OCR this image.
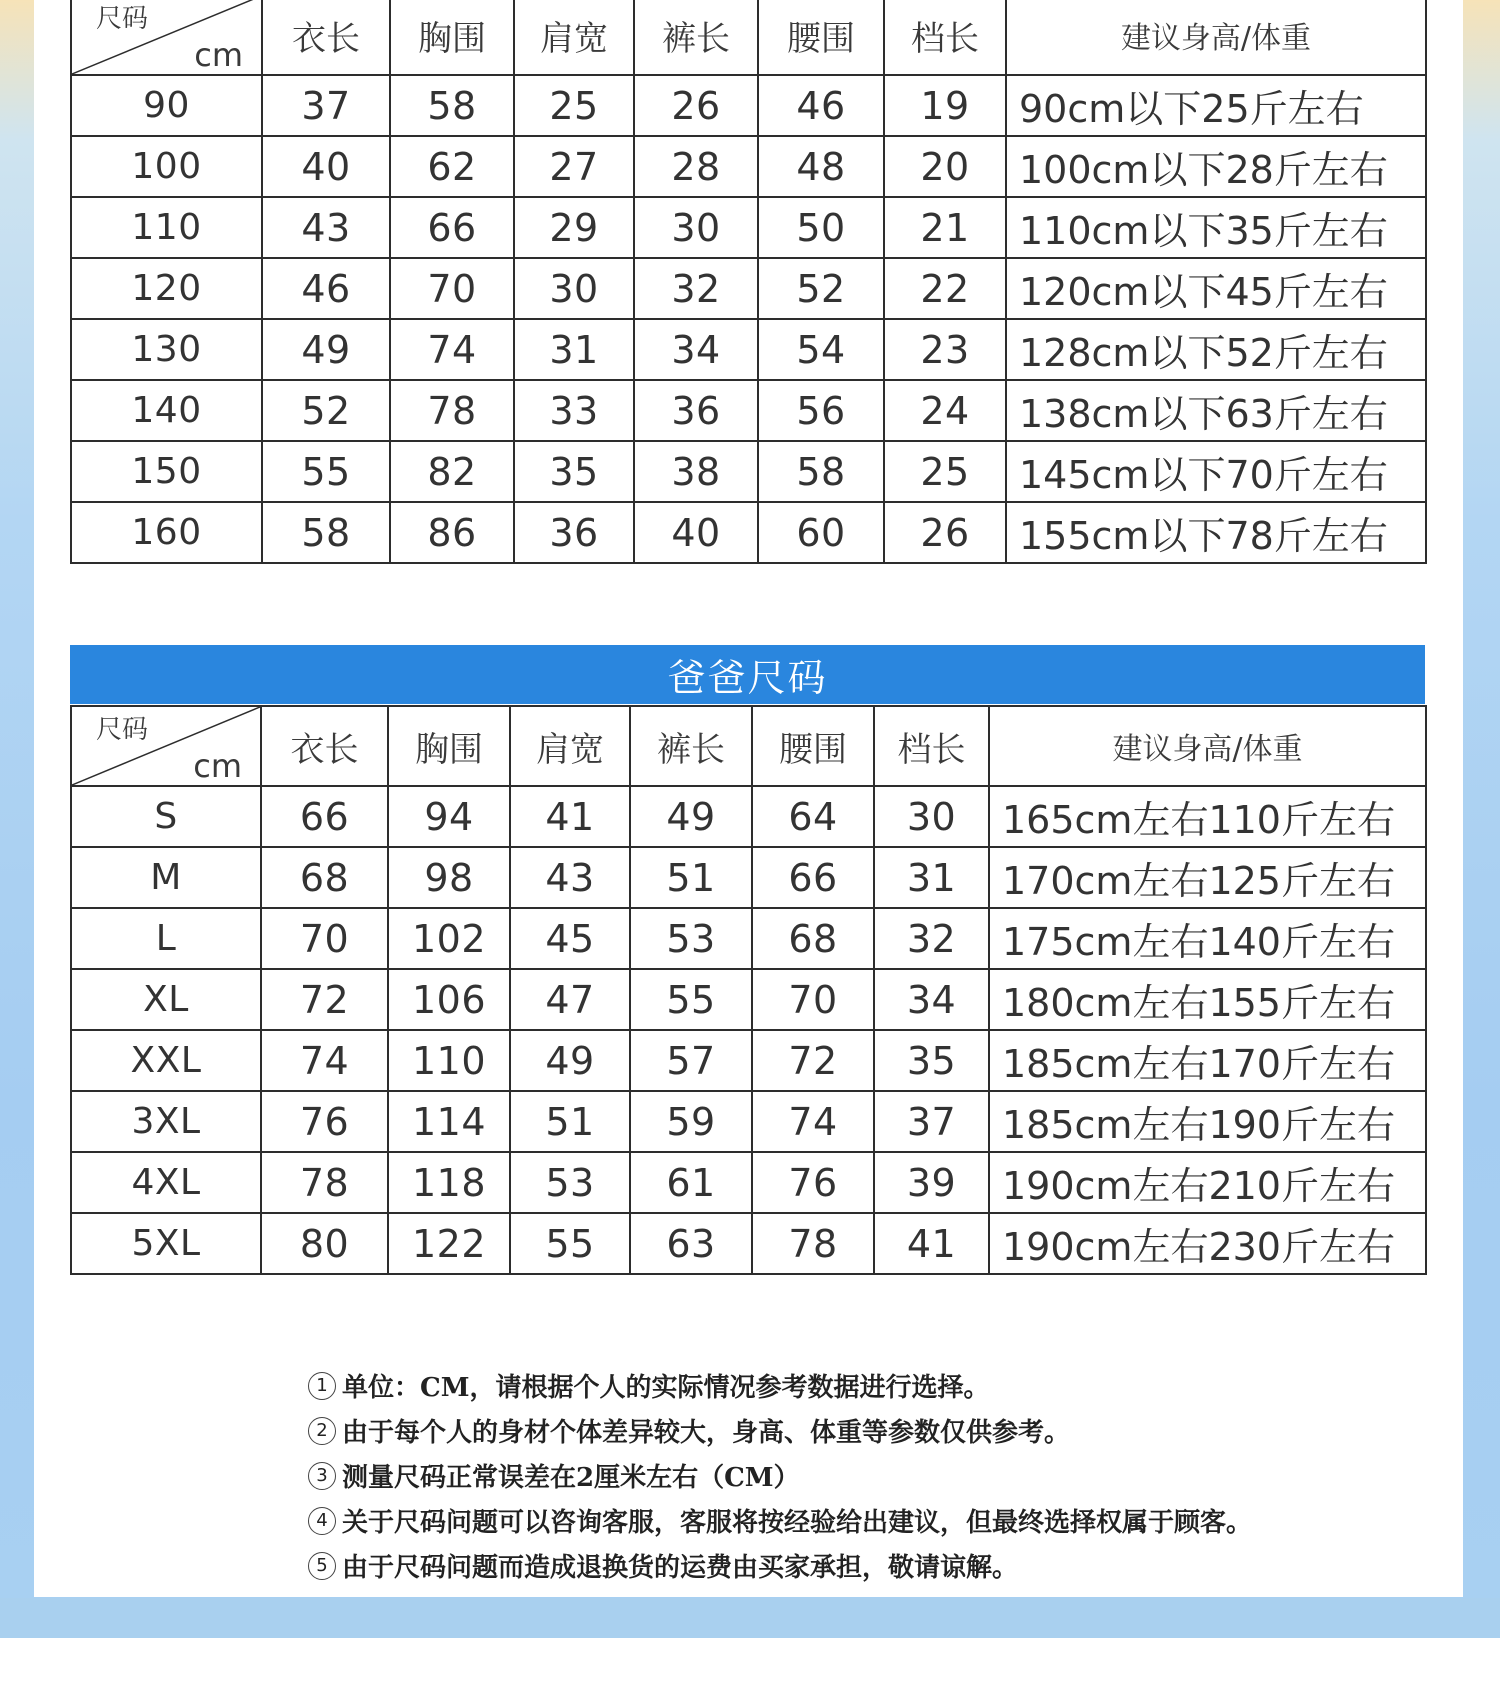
尺码
cm	衣长	胸围	肩宽	裤长	腰围	档长	建议身高/体重
90	37	58	25	26	46	19	90cm以下25斤左右
100	40	62	27	28	48	20	100cm以下28斤左右
110	43	66	29	30	50	21	110cm以下35斤左右
120	46	70	30	32	52	22	120cm以下45斤左右
130	49	74	31	34	54	23	128cm以下52斤左右
140	52	78	33	36	56	24	138cm以下63斤左右
150	55	82	35	38	58	25	145cm以下70斤左右
160	58	86	36	40	60	26	155cm以下78斤左右
爸爸尺码
尺码
cm	衣长	胸围	肩宽	裤长	腰围	档长	建议身高/体重
S	66	94	41	49	64	30	165cm左右110斤左右
M	68	98	43	51	66	31	170cm左右125斤左右
L	70	102	45	53	68	32	175cm左右140斤左右
XL	72	106	47	55	70	34	180cm左右155斤左右
XXL	74	110	49	57	72	35	185cm左右170斤左右
3XL	76	114	51	59	74	37	185cm左右190斤左右
4XL	78	118	53	61	76	39	190cm左右210斤左右
5XL	80	122	55	63	78	41	190cm左右230斤左右
1 单位：CM，请根据个人的实际情况参考数据进行选择。
2 由于每个人的身材个体差异较大，身高、体重等参数仅供参考。
3 测量尺码正常误差在2厘米左右（CM）
4 关于尺码问题可以咨询客服，客服将按经验给出建议，但最终选择权属于顾客。
5 由于尺码问题而造成退换货的运费由买家承担，敬请谅解。
